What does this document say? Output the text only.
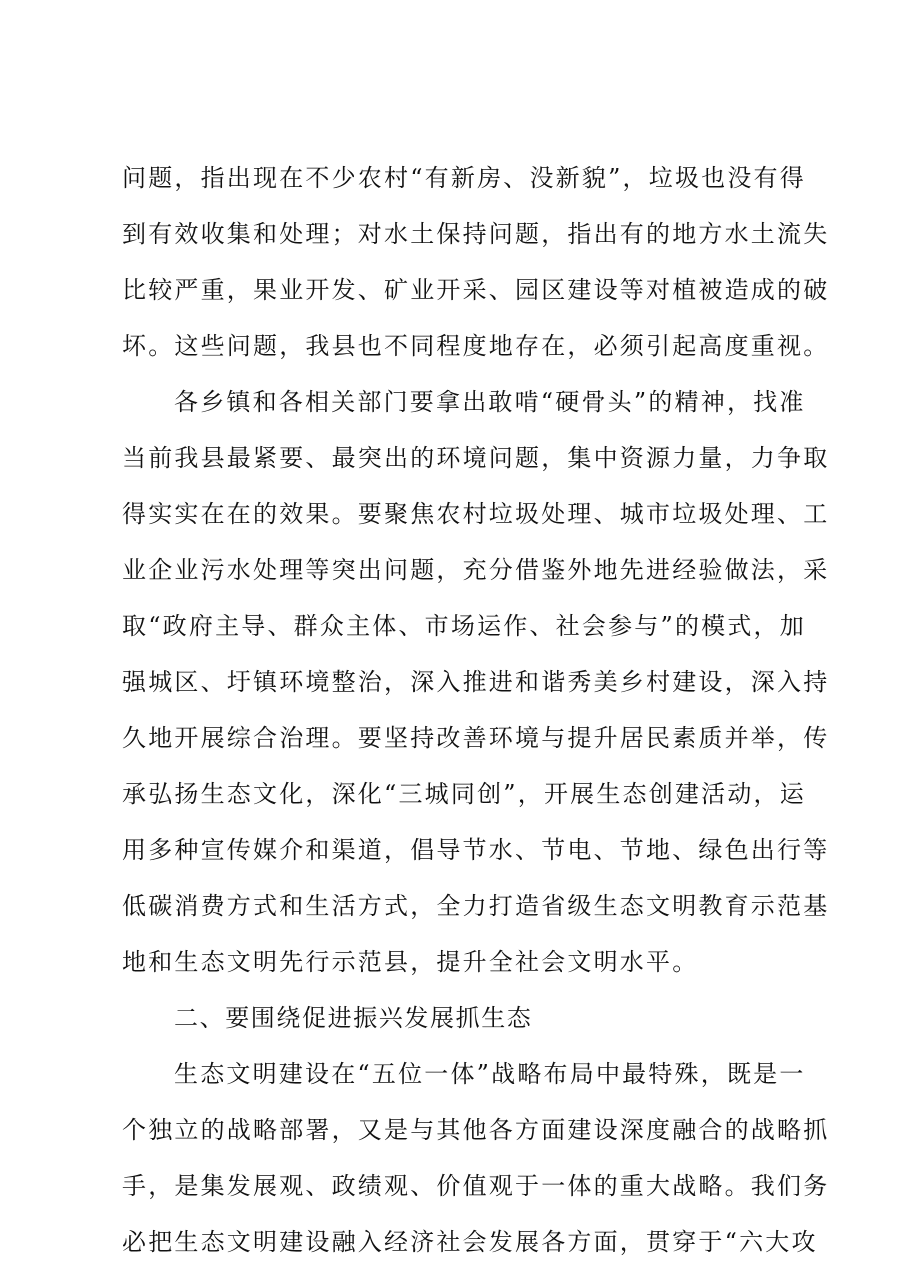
问题，指出现在不少农村“有新房、没新貌”，垃圾也没有得
到有效收集和处理；对水土保持问题，指出有的地方水土流失
比较严重，果业开发、矿业开采、园区建设等对植被造成的破
坏。这些问题，我县也不同程度地存在，必须引起高度重视。
各乡镇和各相关部门要拿出敢啃“硬骨头”的精神，找准
当前我县最紧要、最突出的环境问题，集中资源力量，力争取
得实实在在的效果。要聚焦农村垃圾处理、城市垃圾处理、工
业企业污水处理等突出问题，充分借鉴外地先进经验做法，采
取“政府主导、群众主体、市场运作、社会参与”的模式，加
强城区、圩镇环境整治，深入推进和谐秀美乡村建设，深入持
久地开展综合治理。要坚持改善环境与提升居民素质并举，传
承弘扬生态文化，深化“三城同创”，开展生态创建活动，运
用多种宣传媒介和渠道，倡导节水、节电、节地、绿色出行等
低碳消费方式和生活方式，全力打造省级生态文明教育示范基
地和生态文明先行示范县，提升全社会文明水平。
二、要围绕促进振兴发展抓生态
生态文明建设在“五位一体”战略布局中最特殊，既是一
个独立的战略部署，又是与其他各方面建设深度融合的战略抓
手，是集发展观、政绩观、价值观于一体的重大战略。我们务
必把生态文明建设融入经济社会发展各方面，贯穿于“六大攻
